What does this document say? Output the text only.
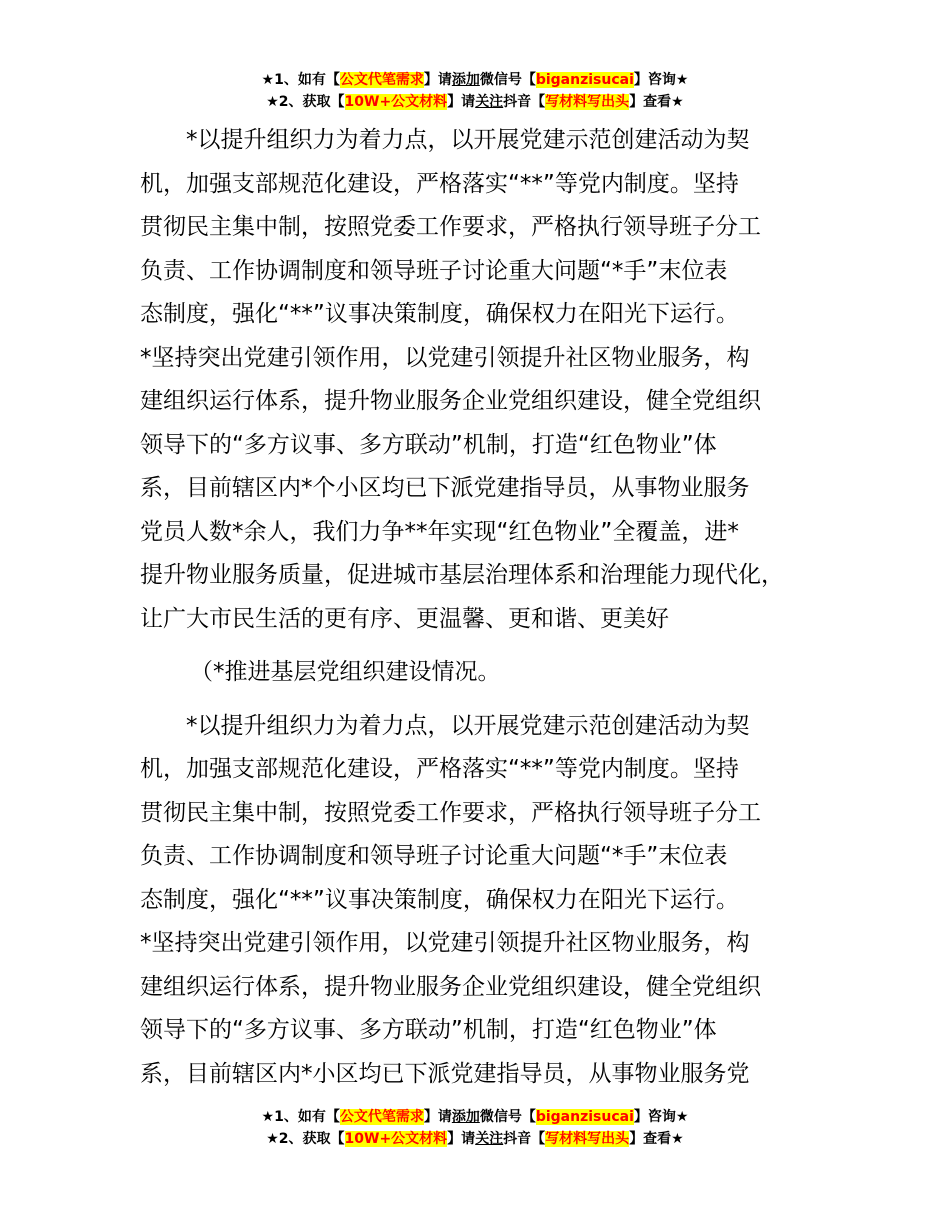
★1、如有【公文代笔需求】请添加微信号【biganzisucai】咨询★
★2、获取【10W+公文材料】请关注抖音【写材料写出头】查看★

*以提升组织力为着力点，以开展党建示范创建活动为契

机，加强支部规范化建设，严格落实“**”等党内制度。坚持

贯彻民主集中制，按照党委工作要求，严格执行领导班子分工

负责、工作协调制度和领导班子讨论重大问题“*手”末位表

态制度，强化“**”议事决策制度，确保权力在阳光下运行。

*坚持突出党建引领作用，以党建引领提升社区物业服务，构

建组织运行体系，提升物业服务企业党组织建设，健全党组织

领导下的“多方议事、多方联动”机制，打造“红色物业”体

系，目前辖区内*个小区均已下派党建指导员，从事物业服务

党员人数*余人，我们力争**年实现“红色物业”全覆盖，进*

提升物业服务质量，促进城市基层治理体系和治理能力现代化，

让广大市民生活的更有序、更温馨、更和谐、更美好

（*推进基层党组织建设情况。

*以提升组织力为着力点，以开展党建示范创建活动为契

机，加强支部规范化建设，严格落实“**”等党内制度。坚持

贯彻民主集中制，按照党委工作要求，严格执行领导班子分工

负责、工作协调制度和领导班子讨论重大问题“*手”末位表

态制度，强化“**”议事决策制度，确保权力在阳光下运行。

*坚持突出党建引领作用，以党建引领提升社区物业服务，构

建组织运行体系，提升物业服务企业党组织建设，健全党组织

领导下的“多方议事、多方联动”机制，打造“红色物业”体

系，目前辖区内*小区均已下派党建指导员，从事物业服务党

★1、如有【公文代笔需求】请添加微信号【biganzisucai】咨询★
★2、获取【10W+公文材料】请关注抖音【写材料写出头】查看★
